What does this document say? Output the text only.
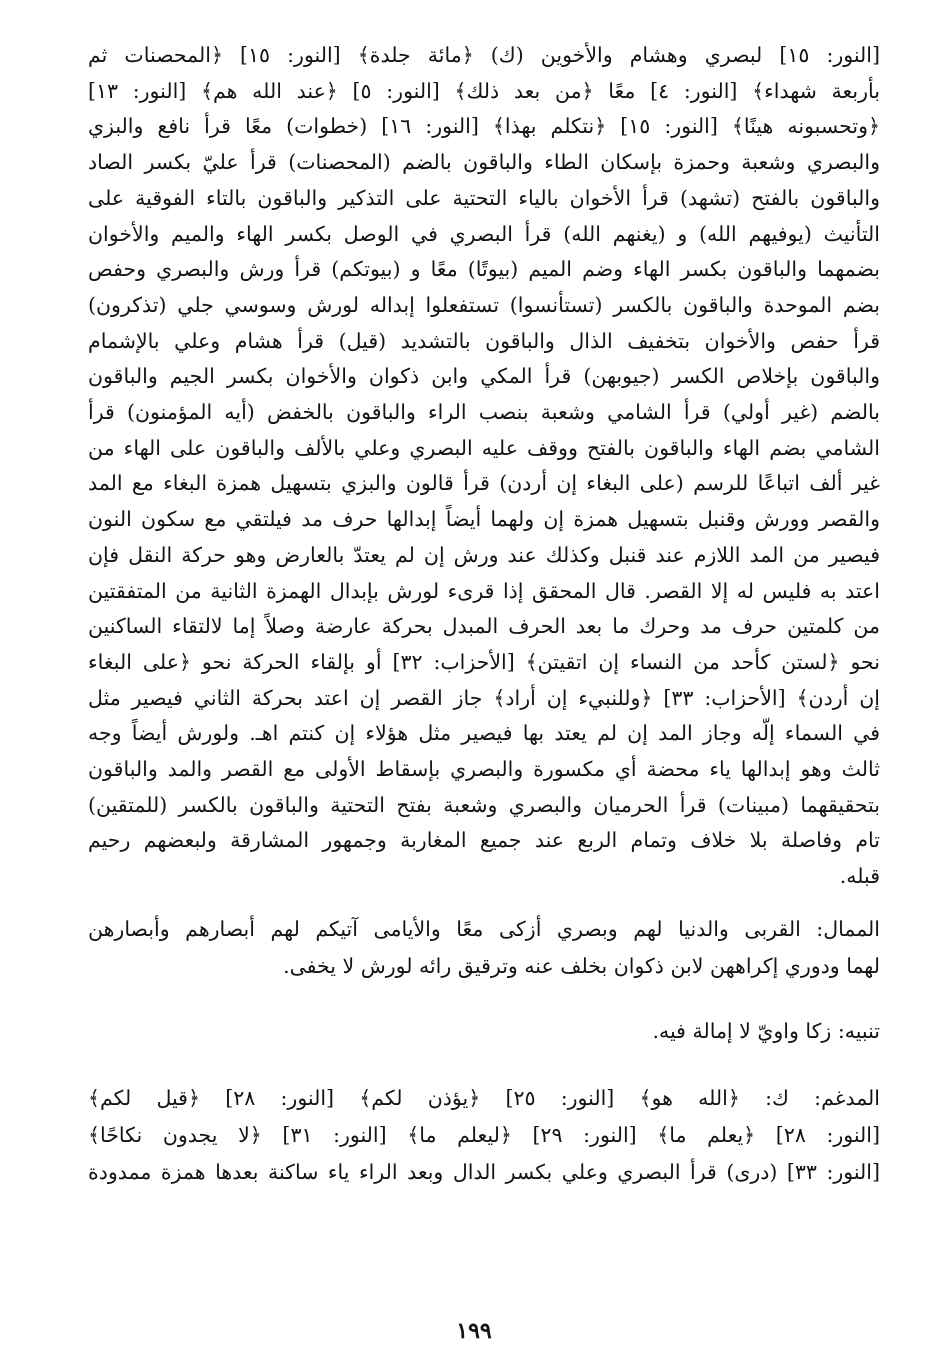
[النور: ١٥] لبصري وهشام والأخوين (ك) ﴿مائة جلدة﴾ [النور: ١٥] ﴿المحصنات ثم
بأربعة شهداء﴾ [النور: ٤] معًا ﴿من بعد ذلك﴾ [النور: ٥] ﴿عند الله هم﴾ [النور: ١٣]
﴿وتحسبونه هينًا﴾ [النور: ١٥] ﴿نتكلم بهذا﴾ [النور: ١٦] (خطوات) معًا قرأ نافع والبزي
والبصري وشعبة وحمزة بإسكان الطاء والباقون بالضم (المحصنات) قرأ عليّ بكسر الصاد
والباقون بالفتح (تشهد) قرأ الأخوان بالياء التحتية على التذكير والباقون بالتاء الفوقية على
التأنيث (يوفيهم الله) و (يغنهم الله) قرأ البصري في الوصل بكسر الهاء والميم والأخوان
بضمهما والباقون بكسر الهاء وضم الميم (بيوتًا) معًا و (بيوتكم) قرأ ورش والبصري وحفص
بضم الموحدة والباقون بالكسر (تستأنسوا) تستفعلوا إبداله لورش وسوسي جلي (تذكرون)
قرأ حفص والأخوان بتخفيف الذال والباقون بالتشديد (قيل) قرأ هشام وعلي بالإشمام
والباقون بإخلاص الكسر (جيوبهن) قرأ المكي وابن ذكوان والأخوان بكسر الجيم والباقون
بالضم (غير أولي) قرأ الشامي وشعبة بنصب الراء والباقون بالخفض (أيه المؤمنون) قرأ
الشامي بضم الهاء والباقون بالفتح ووقف عليه البصري وعلي بالألف والباقون على الهاء من
غير ألف اتباعًا للرسم (على البغاء إن أردن) قرأ قالون والبزي بتسهيل همزة البغاء مع المد
والقصر وورش وقنبل بتسهيل همزة إن ولهما أيضاً إبدالها حرف مد فيلتقي مع سكون النون
فيصير من المد اللازم عند قنبل وكذلك عند ورش إن لم يعتدّ بالعارض وهو حركة النقل فإن
اعتد به فليس له إلا القصر. قال المحقق إذا قرىء لورش بإبدال الهمزة الثانية من المتفقتين
من كلمتين حرف مد وحرك ما بعد الحرف المبدل بحركة عارضة وصلاً إما لالتقاء الساكنين
نحو ﴿لستن كأحد من النساء إن اتقيتن﴾ [الأحزاب: ٣٢] أو بإلقاء الحركة نحو ﴿على البغاء
إن أردن﴾ [الأحزاب: ٣٣] ﴿وللنبيء إن أراد﴾ جاز القصر إن اعتد بحركة الثاني فيصير مثل
في السماء إلّه وجاز المد إن لم يعتد بها فيصير مثل هؤلاء إن كنتم اهـ. ولورش أيضاً وجه
ثالث وهو إبدالها ياء محضة أي مكسورة والبصري بإسقاط الأولى مع القصر والمد والباقون
بتحقيقهما (مبينات) قرأ الحرميان والبصري وشعبة بفتح التحتية والباقون بالكسر (للمتقين)
تام وفاصلة بلا خلاف وتمام الربع عند جميع المغاربة وجمهور المشارقة ولبعضهم رحيم
قبله.
الممال: القربى والدنيا لهم وبصري أزكى معًا والأيامى آتيكم لهم أبصارهم وأبصارهن
لهما ودوري إكراههن لابن ذكوان بخلف عنه وترقيق رائه لورش لا يخفى.
تنبيه: زكا واويّ لا إمالة فيه.
المدغم: ك: ﴿الله هو﴾ [النور: ٢٥] ﴿يؤذن لكم﴾ [النور: ٢٨] ﴿قيل لكم﴾
[النور: ٢٨] ﴿يعلم ما﴾ [النور: ٢٩] ﴿ليعلم ما﴾ [النور: ٣١] ﴿لا يجدون نكاحًا﴾
[النور: ٣٣] (درى) قرأ البصري وعلي بكسر الدال وبعد الراء ياء ساكنة بعدها همزة ممدودة
١٩٩
